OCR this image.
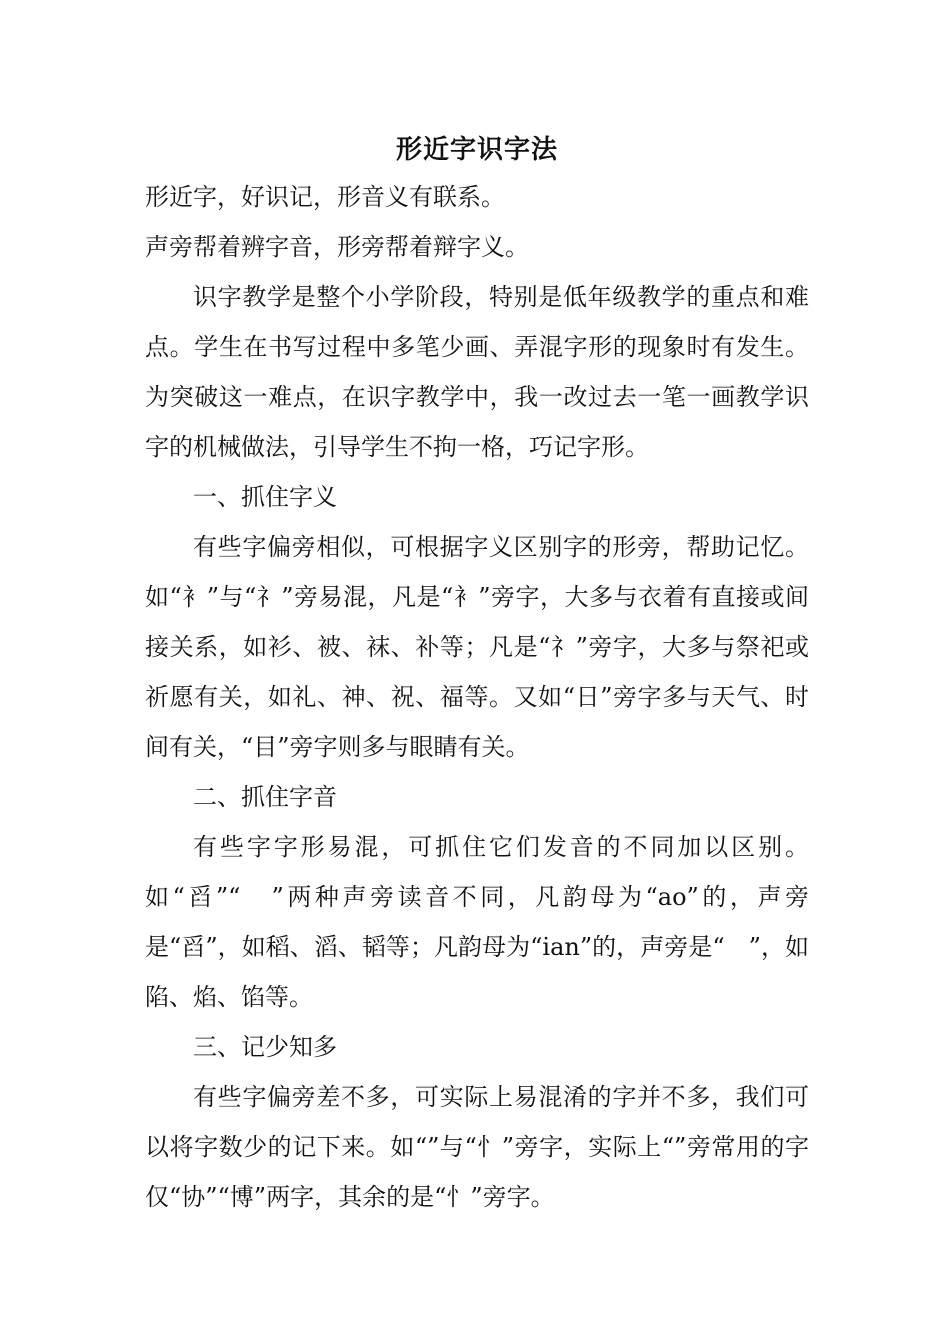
形近字识字法

形近字，好识记，形音义有联系。

声旁帮着辨字音，形旁帮着辩字义。

识字教学是整个小学阶段，特别是低年级教学的重点和难点。学生在书写过程中多笔少画、弄混字形的现象时有发生。为突破这一难点，在识字教学中，我一改过去一笔一画教学识字的机械做法，引导学生不拘一格，巧记字形。

一、抓住字义

有些字偏旁相似，可根据字义区别字的形旁，帮助记忆。如“衤”与“礻”旁易混，凡是“衤”旁字，大多与衣着有直接或间接关系，如衫、被、袜、补等；凡是“礻”旁字，大多与祭祀或祈愿有关，如礼、神、祝、福等。又如“日”旁字多与天气、时间有关，“目”旁字则多与眼睛有关。

二、抓住字音

有些字字形易混，可抓住它们发音的不同加以区别。如“舀”“　”两种声旁读音不同，凡韵母为“ao”的，声旁是“舀”，如稻、滔、韬等；凡韵母为“ian”的，声旁是“　”，如陷、焰、馅等。

三、记少知多

有些字偏旁差不多，可实际上易混淆的字并不多，我们可以将字数少的记下来。如“”与“忄”旁字，实际上“”旁常用的字仅“协”“博”两字，其余的是“忄”旁字。
